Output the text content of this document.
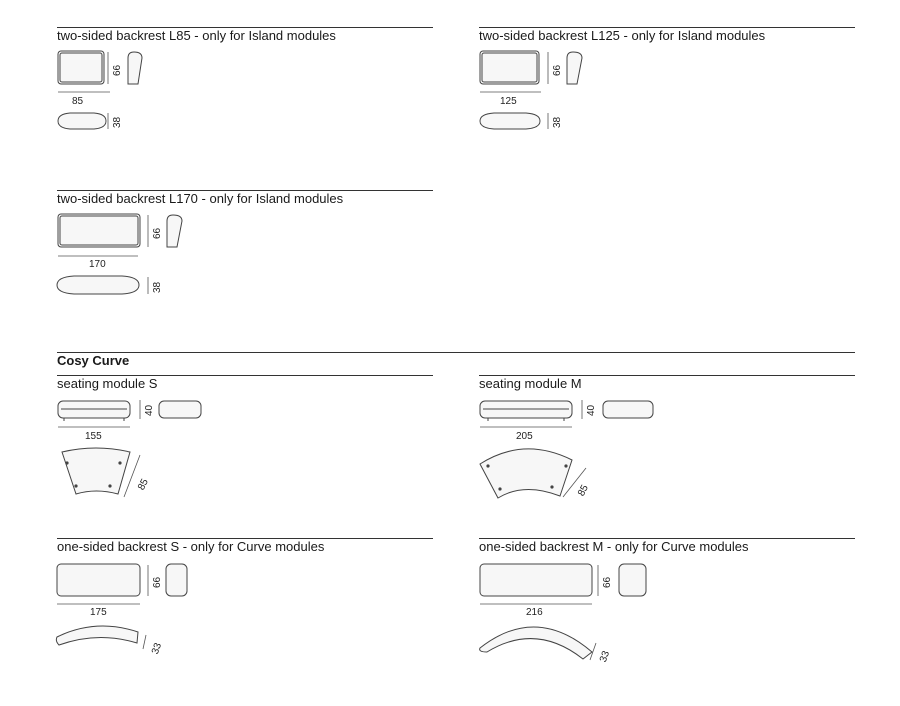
two-sided backrest L85 - only for Island modules	two-sided backrest L125 - only for Island modules
two-sided backrest L170 - only for Island modules
Cosy Curve
seating module S	seating module M
one-sided backrest S - only for Curve modules	one-sided backrest M - only for Curve modules
85
66
38
125
66
38
170
66
38
155
40
85
205
40
85
175
66
33
216
66
33
